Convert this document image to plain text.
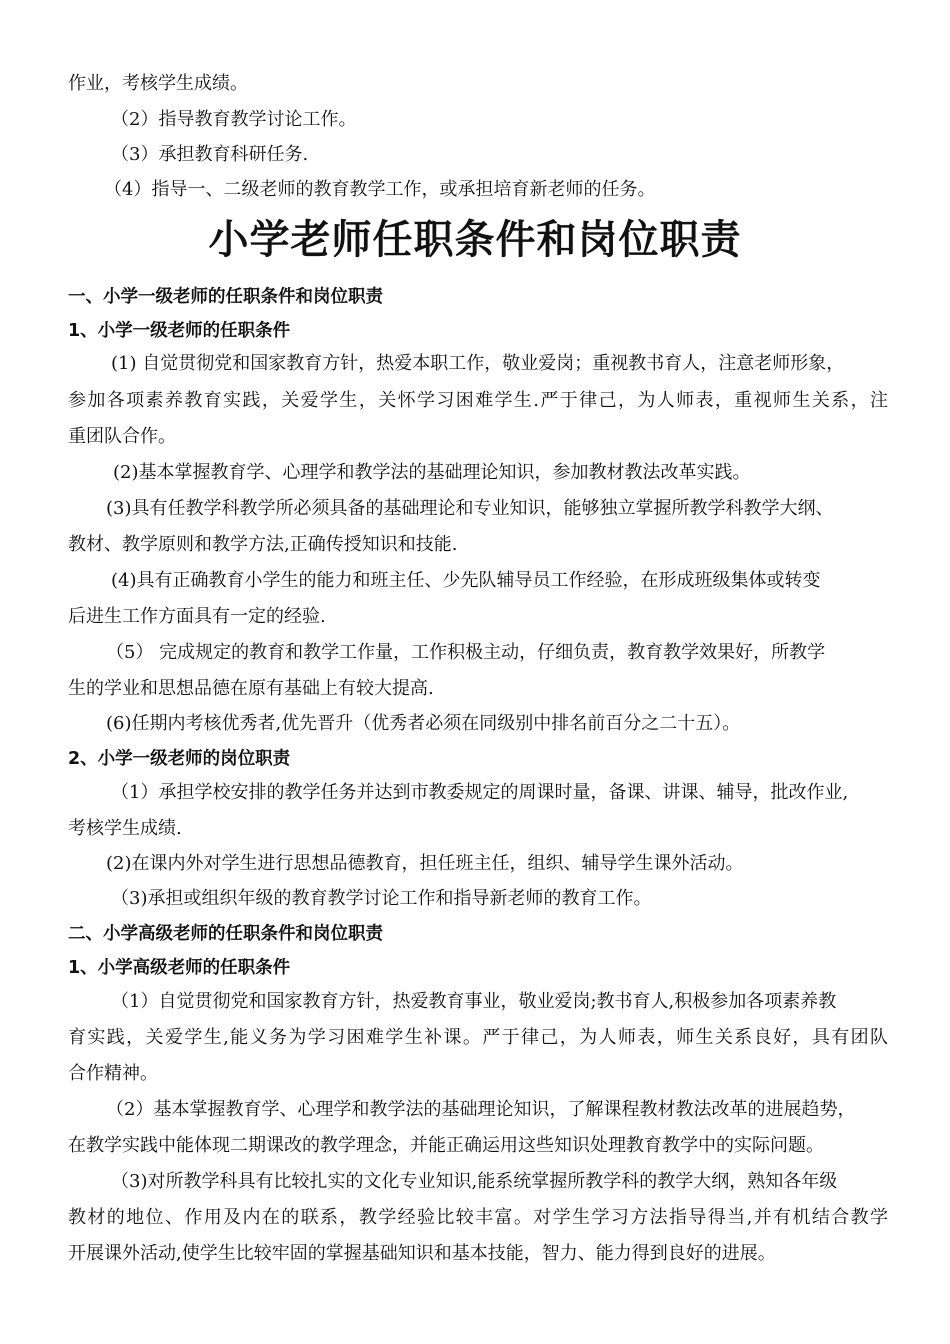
作业，考核学生成绩。
（2）指导教育教学讨论工作。
（3）承担教育科研任务.
（4）指导一、二级老师的教育教学工作，或承担培育新老师的任务。
小学老师任职条件和岗位职责
一、小学一级老师的任职条件和岗位职责
1、小学一级老师的任职条件
(1) 自觉贯彻党和国家教育方针，热爱本职工作，敬业爱岗；重视教书育人，注意老师形象，
参加各项素养教育实践，关爱学生，关怀学习困难学生.严于律己，为人师表，重视师生关系，注
重团队合作。
(2)基本掌握教育学、心理学和教学法的基础理论知识，参加教材教法改革实践。
(3)具有任教学科教学所必须具备的基础理论和专业知识，能够独立掌握所教学科教学大纲、
教材、教学原则和教学方法,正确传授知识和技能.
(4)具有正确教育小学生的能力和班主任、少先队辅导员工作经验，在形成班级集体或转变
后进生工作方面具有一定的经验.
（5） 完成规定的教育和教学工作量，工作积极主动，仔细负责，教育教学效果好，所教学
生的学业和思想品德在原有基础上有较大提高.
(6)任期内考核优秀者,优先晋升（优秀者必须在同级别中排名前百分之二十五）。
2、小学一级老师的岗位职责
（1）承担学校安排的教学任务并达到市教委规定的周课时量，备课、讲课、辅导，批改作业,
考核学生成绩.
(2)在课内外对学生进行思想品德教育，担任班主任，组织、辅导学生课外活动。
（3)承担或组织年级的教育教学讨论工作和指导新老师的教育工作。
二、小学高级老师的任职条件和岗位职责
1、小学高级老师的任职条件
（1）自觉贯彻党和国家教育方针，热爱教育事业，敬业爱岗;教书育人,积极参加各项素养教
育实践，关爱学生,能义务为学习困难学生补课。严于律己，为人师表，师生关系良好，具有团队
合作精神。
（2）基本掌握教育学、心理学和教学法的基础理论知识，了解课程教材教法改革的进展趋势，
在教学实践中能体现二期课改的教学理念，并能正确运用这些知识处理教育教学中的实际问题。
（3)对所教学科具有比较扎实的文化专业知识,能系统掌握所教学科的教学大纲，熟知各年级
教材的地位、作用及内在的联系，教学经验比较丰富。对学生学习方法指导得当,并有机结合教学
开展课外活动,使学生比较牢固的掌握基础知识和基本技能，智力、能力得到良好的进展。
